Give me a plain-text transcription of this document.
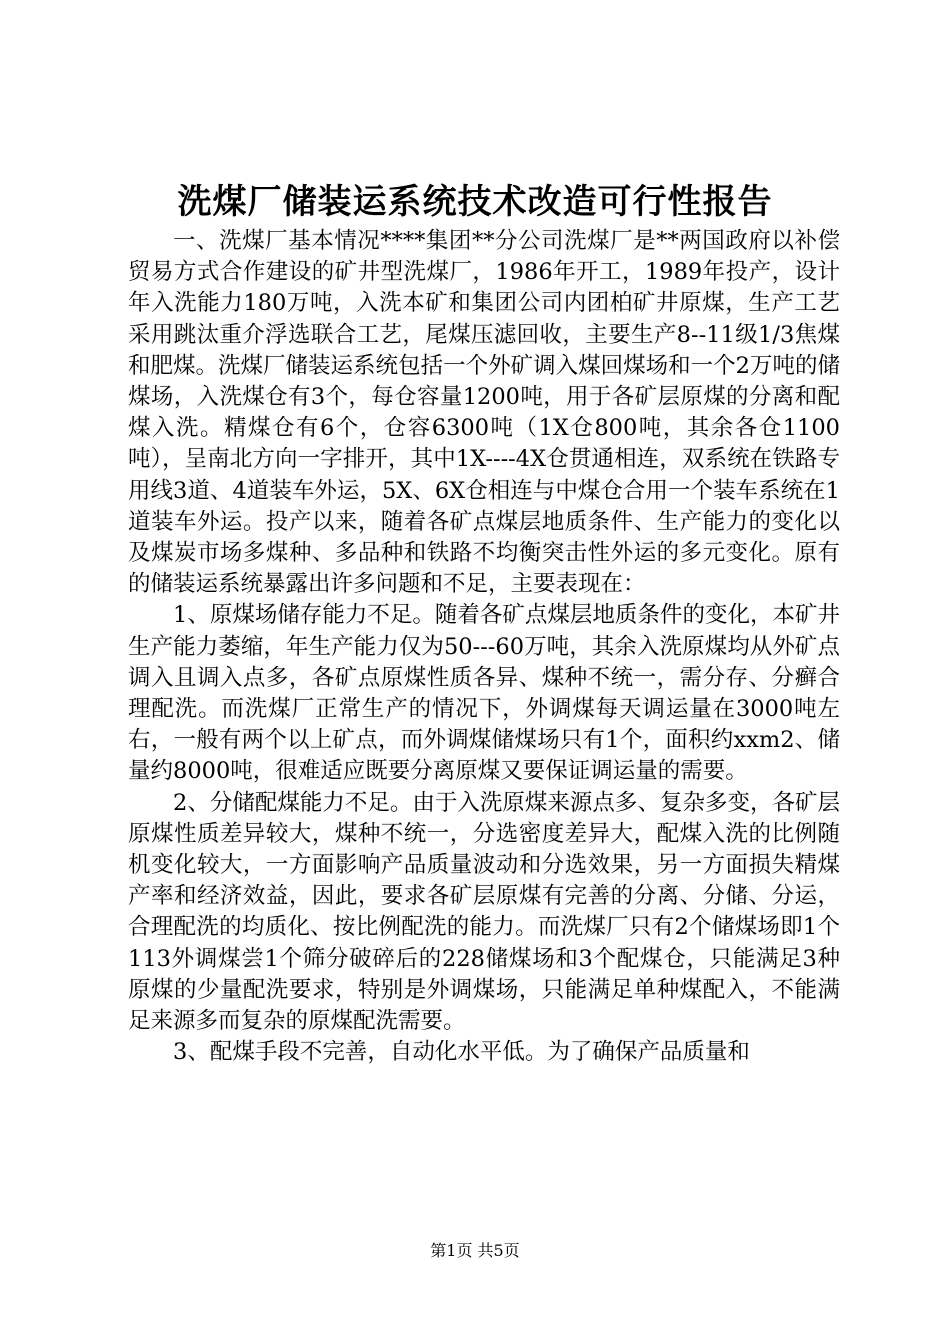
洗煤厂储装运系统技术改造可行性报告

一、洗煤厂基本情况****集团**分公司洗煤厂是**两国政府以补偿贸易方式合作建设的矿井型洗煤厂，1986年开工，1989年投产，设计年入洗能力180万吨，入洗本矿和集团公司内团柏矿井原煤，生产工艺采用跳汰重介浮选联合工艺，尾煤压滤回收，主要生产8--11级1/3焦煤和肥煤。洗煤厂储装运系统包括一个外矿调入煤回煤场和一个2万吨的储煤场，入洗煤仓有3个，每仓容量1200吨，用于各矿层原煤的分离和配煤入洗。精煤仓有6个，仓容6300吨（1X仓800吨，其余各仓1100吨），呈南北方向一字排开，其中1X----4X仓贯通相连，双系统在铁路专用线3道、4道装车外运，5X、6X仓相连与中煤仓合用一个装车系统在1道装车外运。投产以来，随着各矿点煤层地质条件、生产能力的变化以及煤炭市场多煤种、多品种和铁路不均衡突击性外运的多元变化。原有的储装运系统暴露出许多问题和不足，主要表现在：

1、原煤场储存能力不足。随着各矿点煤层地质条件的变化，本矿井生产能力萎缩，年生产能力仅为50---60万吨，其余入洗原煤均从外矿点调入且调入点多，各矿点原煤性质各异、煤种不统一，需分存、分癣合理配洗。而洗煤厂正常生产的情况下，外调煤每天调运量在3000吨左右，一般有两个以上矿点，而外调煤储煤场只有1个，面积约xxm2、储量约8000吨，很难适应既要分离原煤又要保证调运量的需要。

2、分储配煤能力不足。由于入洗原煤来源点多、复杂多变，各矿层原煤性质差异较大，煤种不统一，分选密度差异大，配煤入洗的比例随机变化较大，一方面影响产品质量波动和分选效果，另一方面损失精煤产率和经济效益，因此，要求各矿层原煤有完善的分离、分储、分运，合理配洗的均质化、按比例配洗的能力。而洗煤厂只有2个储煤场即1个113外调煤尝1个筛分破碎后的228储煤场和3个配煤仓，只能满足3种原煤的少量配洗要求，特别是外调煤场，只能满足单种煤配入，不能满足来源多而复杂的原煤配洗需要。

3、配煤手段不完善，自动化水平低。为了确保产品质量和

第1页 共5页
